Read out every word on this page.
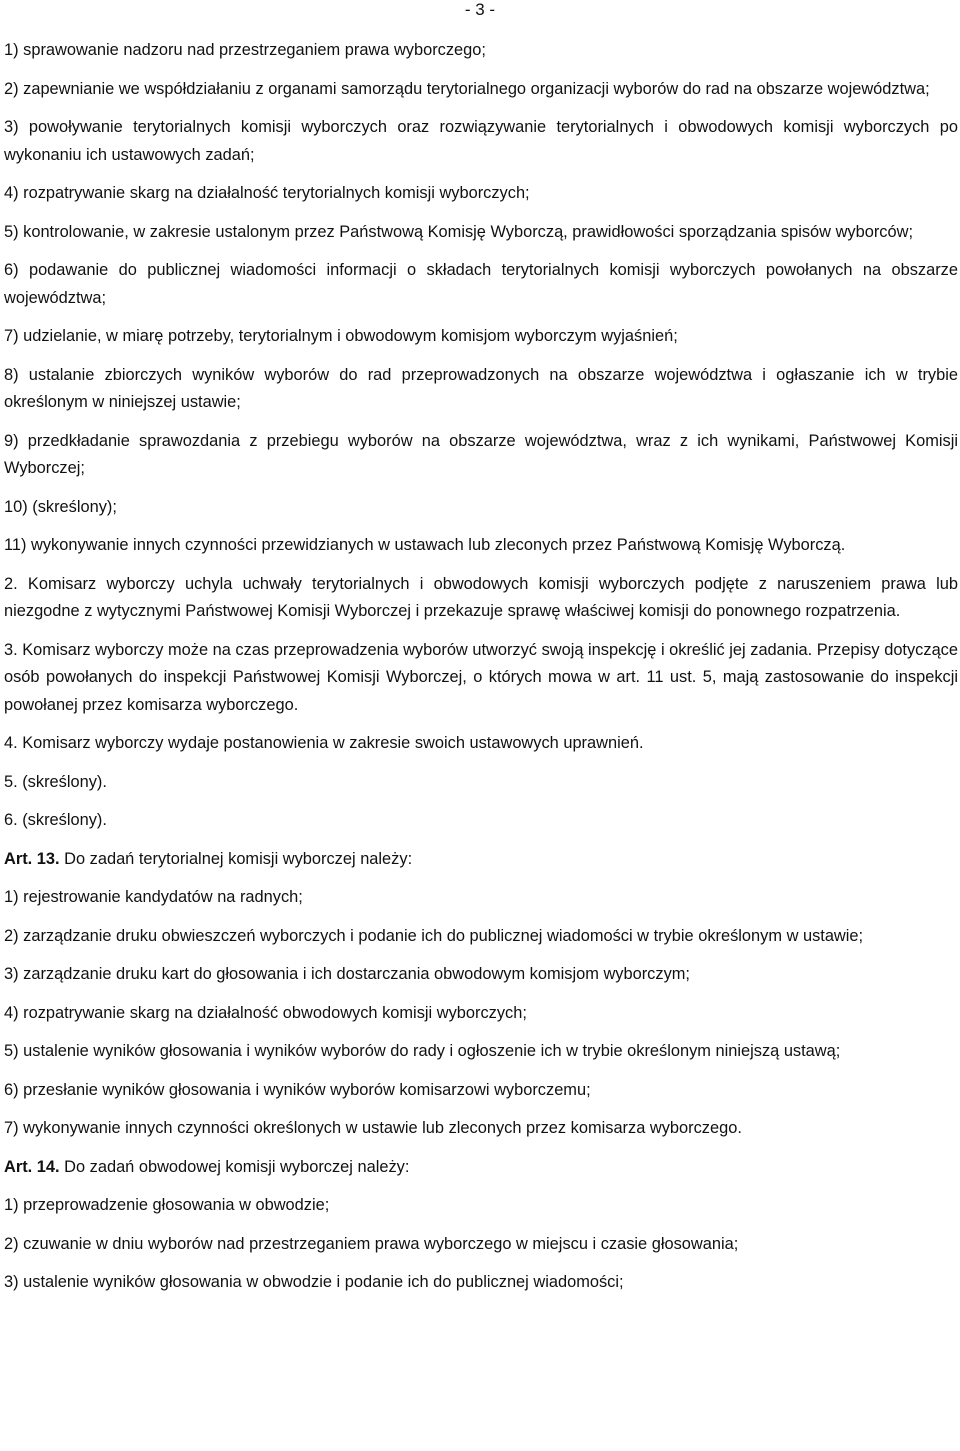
- 3 -

1) sprawowanie nadzoru nad przestrzeganiem prawa wyborczego;

2) zapewnianie we współdziałaniu z organami samorządu terytorialnego organizacji wyborów do rad na obszarze województwa;

3) powoływanie terytorialnych komisji wyborczych oraz rozwiązywanie terytorialnych i obwodowych komisji wyborczych po wykonaniu ich ustawowych zadań;

4) rozpatrywanie skarg na działalność terytorialnych komisji wyborczych;

5) kontrolowanie, w zakresie ustalonym przez Państwową Komisję Wyborczą, prawidłowości sporządzania spisów wyborców;

6) podawanie do publicznej wiadomości informacji o składach terytorialnych komisji wyborczych powołanych na obszarze województwa;

7) udzielanie, w miarę potrzeby, terytorialnym i obwodowym komisjom wyborczym wyjaśnień;

8) ustalanie zbiorczych wyników wyborów do rad przeprowadzonych na obszarze województwa i ogłaszanie ich w trybie określonym w niniejszej ustawie;

9) przedkładanie sprawozdania z przebiegu wyborów na obszarze województwa, wraz z ich wynikami, Państwowej Komisji Wyborczej;

10) (skreślony);

11) wykonywanie innych czynności przewidzianych w ustawach lub zleconych przez Państwową Komisję Wyborczą.

2. Komisarz wyborczy uchyla uchwały terytorialnych i obwodowych komisji wyborczych podjęte z naruszeniem prawa lub niezgodne z wytycznymi Państwowej Komisji Wyborczej i przekazuje sprawę właściwej komisji do ponownego rozpatrzenia.

3. Komisarz wyborczy może na czas przeprowadzenia wyborów utworzyć swoją inspekcję i określić jej zadania. Przepisy dotyczące osób powołanych do inspekcji Państwowej Komisji Wyborczej, o których mowa w art. 11 ust. 5, mają zastosowanie do inspekcji powołanej przez komisarza wyborczego.

4. Komisarz wyborczy wydaje postanowienia w zakresie swoich ustawowych uprawnień.

5. (skreślony).

6. (skreślony).

Art. 13. Do zadań terytorialnej komisji wyborczej należy:

1) rejestrowanie kandydatów na radnych;

2) zarządzanie druku obwieszczeń wyborczych i podanie ich do publicznej wiadomości w trybie określonym w ustawie;

3) zarządzanie druku kart do głosowania i ich dostarczania obwodowym komisjom wyborczym;

4) rozpatrywanie skarg na działalność obwodowych komisji wyborczych;

5) ustalenie wyników głosowania i wyników wyborów do rady i ogłoszenie ich w trybie określonym niniejszą ustawą;

6) przesłanie wyników głosowania i wyników wyborów komisarzowi wyborczemu;

7) wykonywanie innych czynności określonych w ustawie lub zleconych przez komisarza wyborczego.

Art. 14. Do zadań obwodowej komisji wyborczej należy:

1) przeprowadzenie głosowania w obwodzie;

2) czuwanie w dniu wyborów nad przestrzeganiem prawa wyborczego w miejscu i czasie głosowania;

3) ustalenie wyników głosowania w obwodzie i podanie ich do publicznej wiadomości;
